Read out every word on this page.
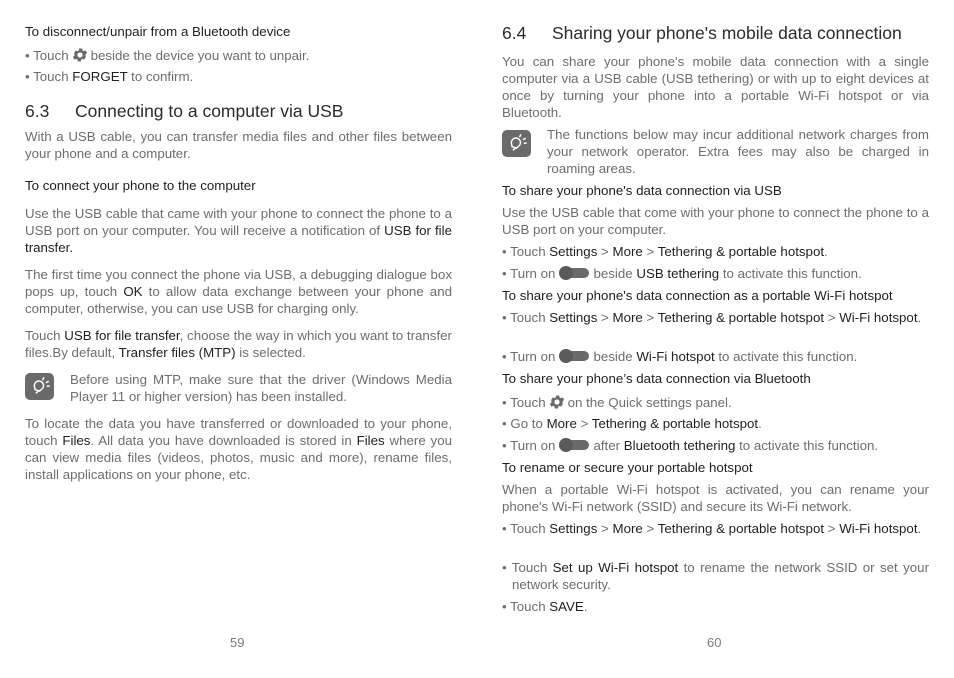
To disconnect/unpair from a Bluetooth device
• Touch beside the device you want to unpair.
• Touch FORGET to confirm.
6.3 Connecting to a computer via USB
With a USB cable, you can transfer media files and other files between your phone and a computer.
To connect your phone to the computer
Use the USB cable that came with your phone to connect the phone to a USB port on your computer. You will receive a notification of USB for file transfer.
The first time you connect the phone via USB, a debugging dialogue box pops up, touch OK to allow data exchange between your phone and computer, otherwise, you can use USB for charging only.
Touch USB for file transfer, choose the way in which you want to transfer files.By default, Transfer files (MTP) is selected.
Before using MTP, make sure that the driver (Windows Media Player 11 or higher version) has been installed.
To locate the data you have transferred or downloaded to your phone, touch Files. All data you have downloaded is stored in Files where you can view media files (videos, photos, music and more), rename files, install applications on your phone, etc.
59
6.4 Sharing your phone's mobile data connection
You can share your phone's mobile data connection with a single computer via a USB cable (USB tethering) or with up to eight devices at once by turning your phone into a portable Wi-Fi hotspot or via Bluetooth.
The functions below may incur additional network charges from your network operator. Extra fees may also be charged in roaming areas.
To share your phone's data connection via USB
Use the USB cable that come with your phone to connect the phone to a USB port on your computer.
• Touch Settings > More > Tethering & portable hotspot.
• Turn on	beside USB tethering to activate this function.
To share your phone's data connection as a portable Wi-Fi hotspot
• Touch Settings > More > Tethering & portable hotspot > Wi-Fi hotspot.
• Turn on	beside Wi-Fi hotspot to activate this function.
To share your phone’s data connection via Bluetooth
• Touch on the Quick settings panel.
• Go to More > Tethering & portable hotspot.
• Turn on	after Bluetooth tethering to activate this function.
To rename or secure your portable hotspot
When a portable Wi-Fi hotspot is activated, you can rename your phone's Wi-Fi network (SSID) and secure its Wi-Fi network.
• Touch Settings > More > Tethering & portable hotspot > Wi-Fi hotspot.
• Touch Set up Wi-Fi hotspot to rename the network SSID or set your network security.
• Touch SAVE.
60
